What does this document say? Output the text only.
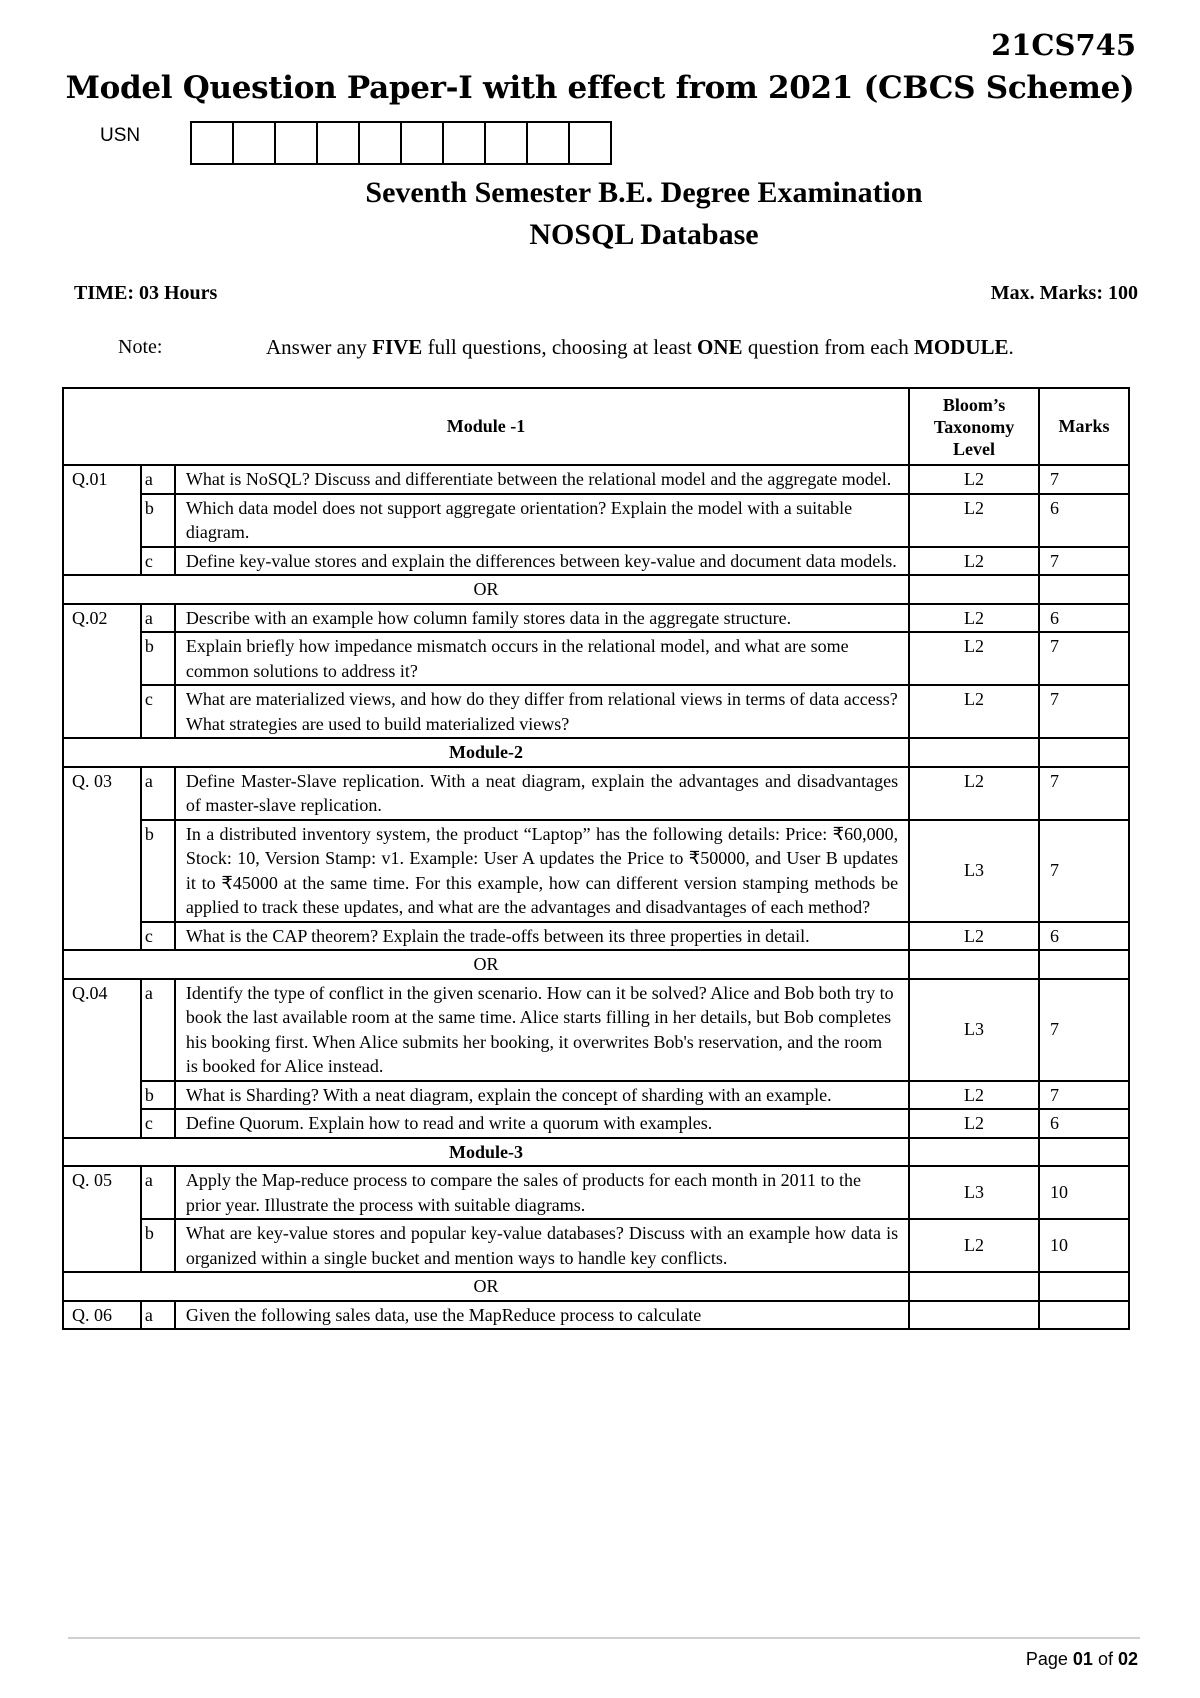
21CS745
Model Question Paper-I with effect from 2021 (CBCS Scheme)
USN
Seventh Semester B.E. Degree Examination
NOSQL Database
TIME: 03 Hours	Max. Marks: 100
Note:	Answer any FIVE full questions, choosing at least ONE question from each MODULE.
Module -1			Bloom’s Taxonomy Level	Marks
Q.01	a	What is NoSQL? Discuss and differentiate between the relational model and the aggregate model.	L2	7
	b	Which data model does not support aggregate orientation? Explain the model with a suitable diagram.	L2	6
	c	Define key-value stores and explain the differences between key-value and document data models.	L2	7
OR				
Q.02	a	Describe with an example how column family stores data in the aggregate structure.	L2	6
	b	Explain briefly how impedance mismatch occurs in the relational model, and what are some common solutions to address it?	L2	7
	c	What are materialized views, and how do they differ from relational views in terms of data access? What strategies are used to build materialized views?	L2	7
Module-2				
Q. 03	a	Define Master-Slave replication. With a neat diagram, explain the advantages and disadvantages of master-slave replication.	L2	7
	b	In a distributed inventory system, the product “Laptop” has the following details: Price: ₹60,000, Stock: 10, Version Stamp: v1. Example: User A updates the Price to ₹50000, and User B updates it to ₹45000 at the same time. For this example, how can different version stamping methods be applied to track these updates, and what are the advantages and disadvantages of each method?	L3	7
	c	What is the CAP theorem? Explain the trade-offs between its three properties in detail.	L2	6
OR				
Q.04	a	Identify the type of conflict in the given scenario. How can it be solved? Alice and Bob both try to book the last available room at the same time. Alice starts filling in her details, but Bob completes his booking first. When Alice submits her booking, it overwrites Bob's reservation, and the room is booked for Alice instead.	L3	7
	b	What is Sharding? With a neat diagram, explain the concept of sharding with an example.	L2	7
	c	Define Quorum. Explain how to read and write a quorum with examples.	L2	6
Module-3				
Q. 05	a	Apply the Map-reduce process to compare the sales of products for each month in 2011 to the prior year. Illustrate the process with suitable diagrams.	L3	10
	b	What are key-value stores and popular key-value databases? Discuss with an example how data is organized within a single bucket and mention ways to handle key conflicts.	L2	10
OR				
Q. 06	a	Given the following sales data, use the MapReduce process to calculate		
Page 01 of 02
